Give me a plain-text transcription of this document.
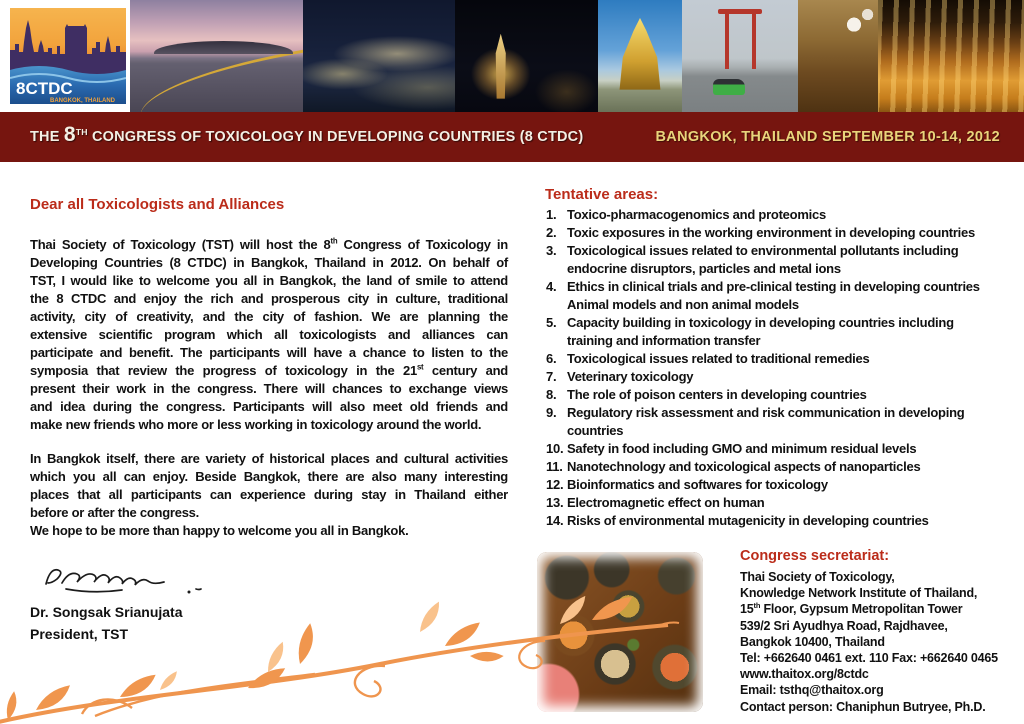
8CTDC
BANGKOK, THAILAND
THE 8TH CONGRESS OF TOXICOLOGY IN DEVELOPING COUNTRIES (8 CTDC)	BANGKOK, THAILAND SEPTEMBER 10-14, 2012
Dear all Toxicologists and Alliances
Thai Society of Toxicology (TST) will host the 8th Congress of Toxicology in
Developing Countries (8 CTDC) in Bangkok, Thailand in 2012. On behalf of
TST, I would like to welcome you all in Bangkok, the land of smile to attend
the 8 CTDC and enjoy the rich and prosperous city in culture, traditional
activity, city of creativity, and the city of fashion. We are planning the
extensive scientific program which all toxicologists and alliances can
participate and benefit. The participants will have a chance to listen to the
symposia that review the progress of toxicology in the 21st century and
present their work in the congress. There will chances to exchange views
and idea during the congress. Participants will also meet old friends and
make new friends who more or less working in toxicology around the world.
In Bangkok itself, there are variety of historical places and cultural activities
which you all can enjoy. Beside Bangkok, there are also many interesting
places that all participants can experience during stay in Thailand either
before or after the congress.
We hope to be more than happy to welcome you all in Bangkok.
Dr. Songsak Srianujata
President, TST
Tentative areas:
1. Toxico-pharmacogenomics and proteomics
2. Toxic exposures in the working environment in developing countries
3. Toxicological issues related to environmental pollutants including
endocrine disruptors, particles and metal ions
4. Ethics in clinical trials and pre-clinical testing in developing countries
Animal models and non animal models
5. Capacity building in toxicology in developing countries including
training and information transfer
6. Toxicological issues related to traditional remedies
7. Veterinary toxicology
8. The role of poison centers in developing countries
9. Regulatory risk assessment and risk communication in developing
countries
10. Safety in food including GMO and minimum residual levels
11. Nanotechnology and toxicological aspects of nanoparticles
12. Bioinformatics and softwares for toxicology
13. Electromagnetic effect on human
14. Risks of environmental mutagenicity in developing countries
Congress secretariat:
Thai Society of Toxicology,
Knowledge Network Institute of Thailand,
15th Floor, Gypsum Metropolitan Tower
539/2 Sri Ayudhya Road, Rajdhavee,
Bangkok 10400, Thailand
Tel: +662640 0461 ext. 110 Fax: +662640 0465
www.thaitox.org/8ctdc
Email: tsthq@thaitox.org
Contact person: Chaniphun Butryee, Ph.D.
